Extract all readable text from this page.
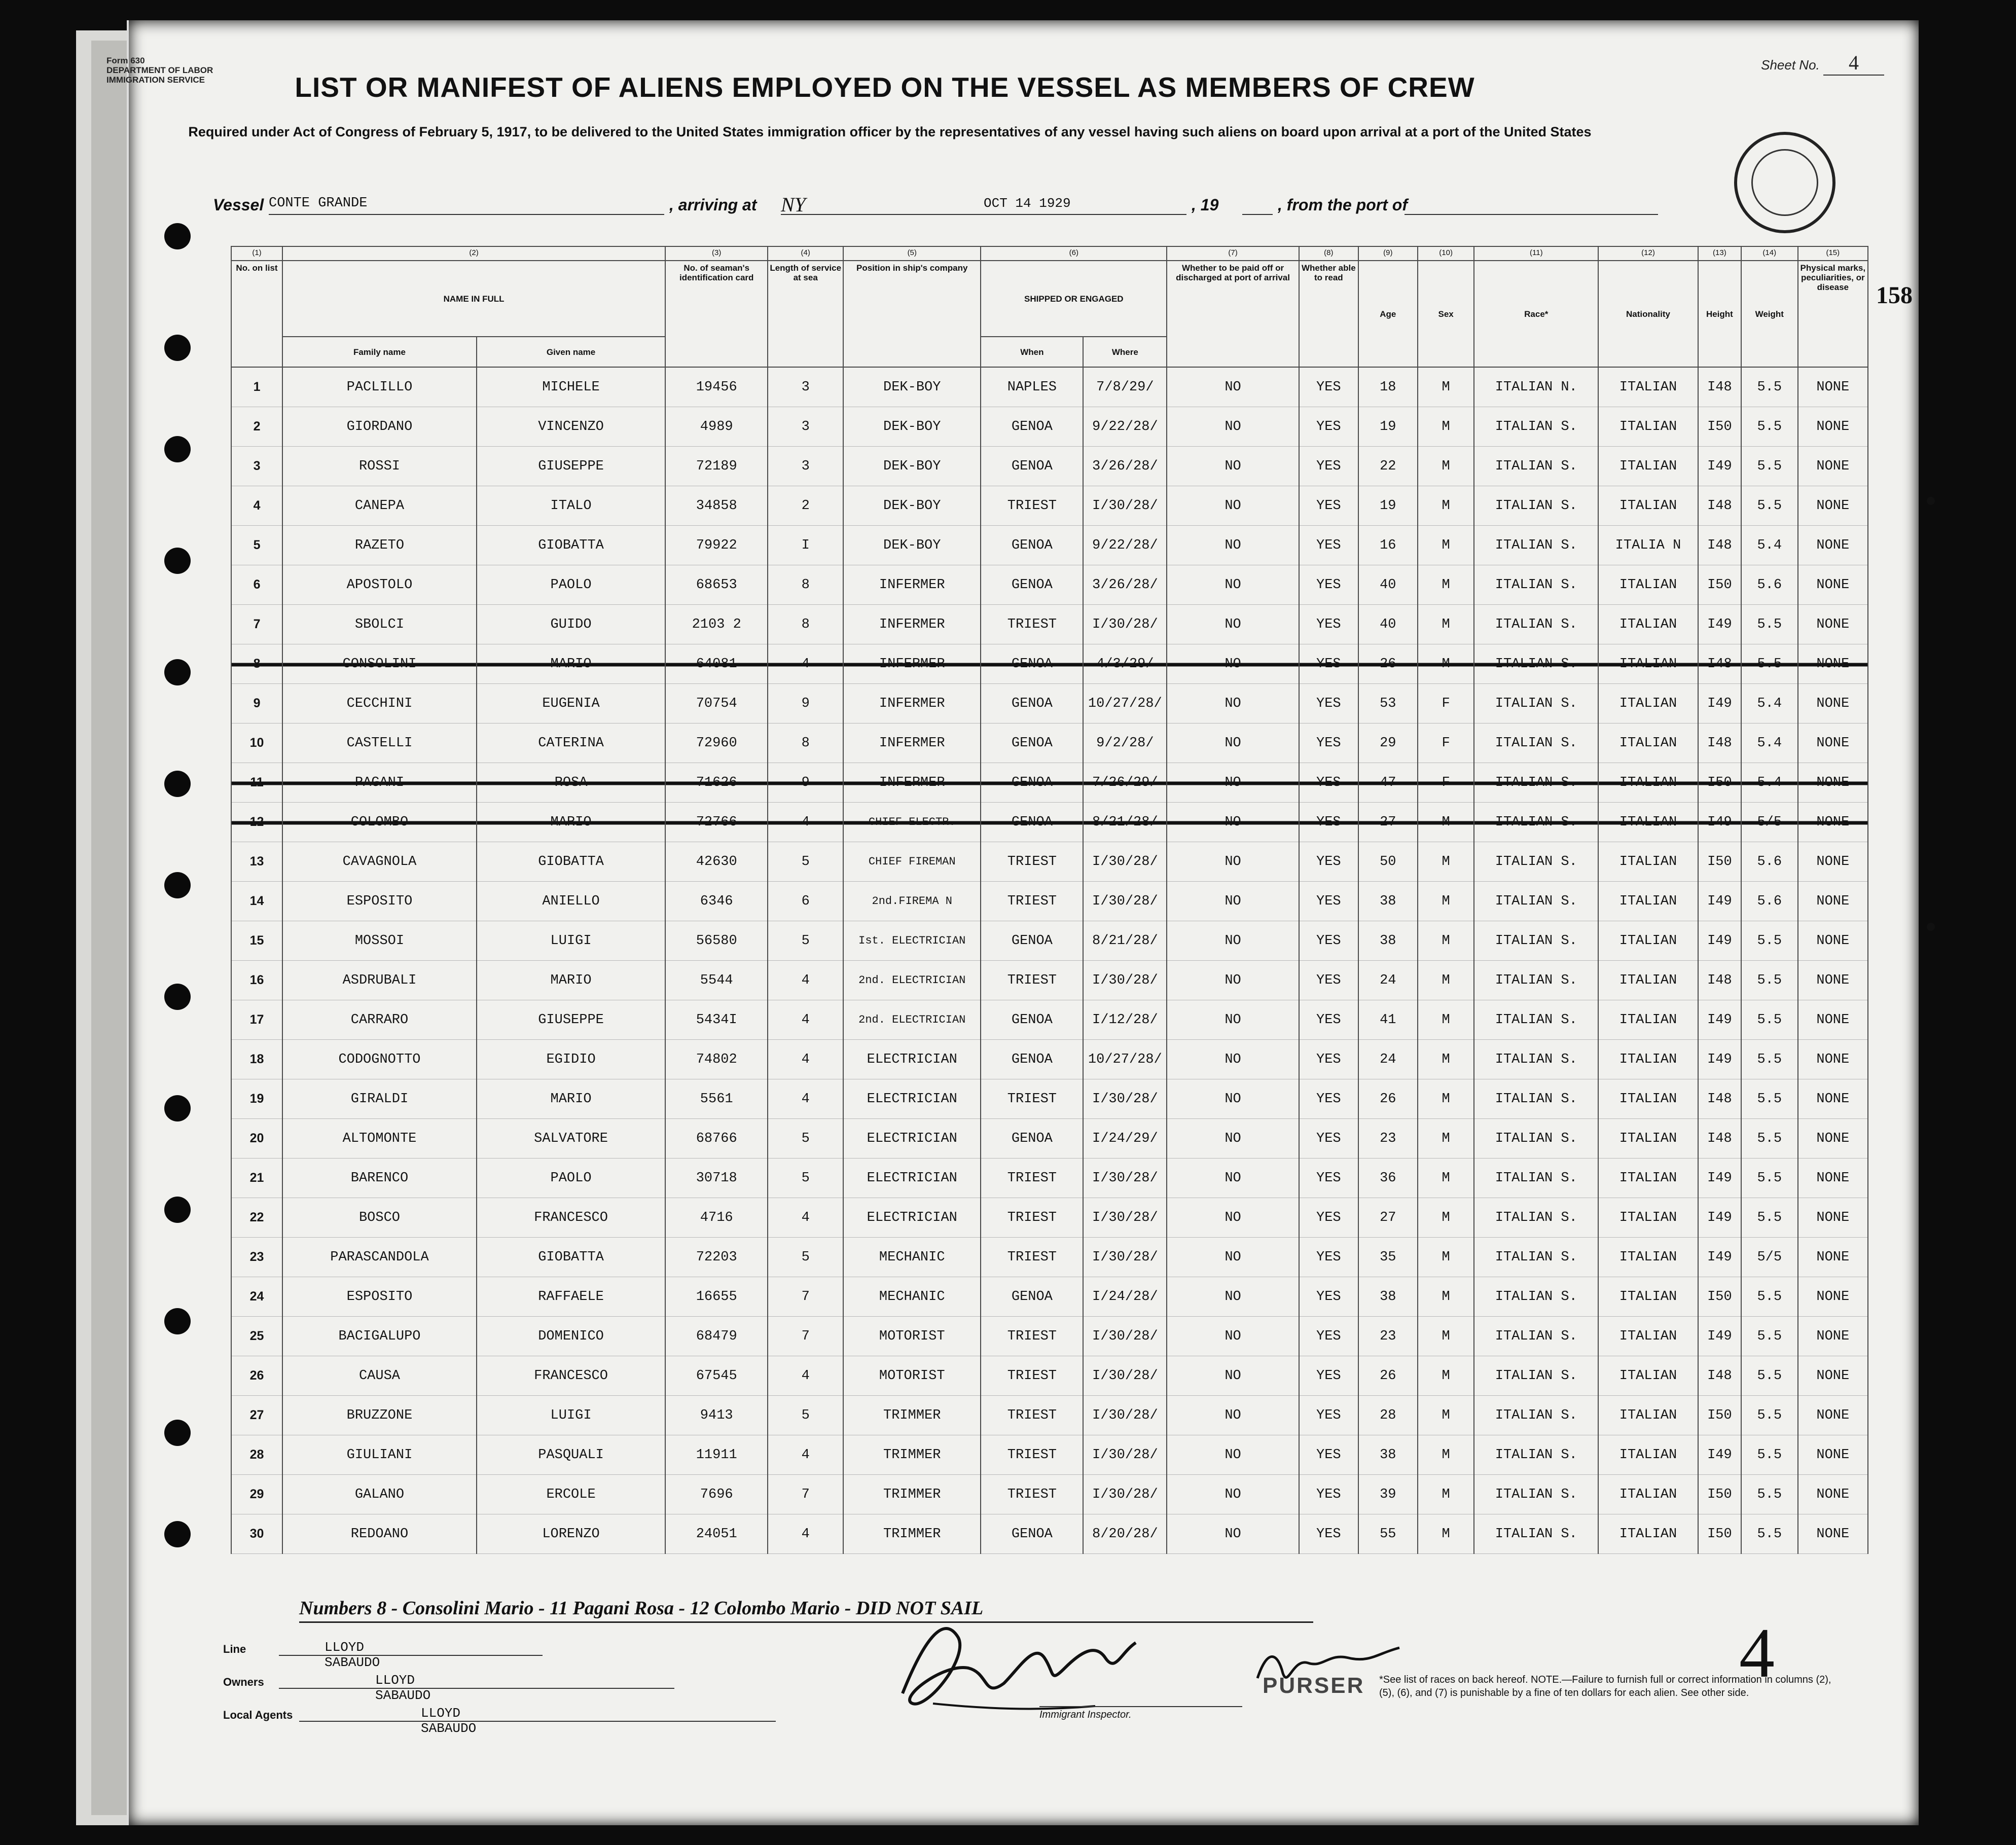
Form 630
DEPARTMENT OF LABOR
IMMIGRATION SERVICE
Sheet No. 4
LIST OR MANIFEST OF ALIENS EMPLOYED ON THE VESSEL AS MEMBERS OF CREW
Required under Act of Congress of February 5, 1917, to be delivered to the United States immigration officer by the representatives of any vessel having such aliens on board upon arrival at a port of the United States
Vessel CONTE GRANDE	, arriving at NY	OCT 14 1929	, 19	, from the port of
158
(1)	(2)		(3)	(4)	(5)	(6)		(7)	(8)	(9)	(10)	(11)	(12)	(13)	(14)	(15)
No. on list	NAME IN FULL		No. of seaman's identification card	Length of service at sea	Position in ship's company	SHIPPED OR ENGAGED		Whether to be paid off or discharged at port of arrival	Whether able to read	Age	Sex	Race*	Nationality	Height	Weight	Physical marks, peculiarities, or disease
	Family name	Given name				When	Where									
1	PACLILLO	MICHELE	19456	3	DEK-BOY	NAPLES	7/8/29/	NO	YES	18	M	ITALIAN N.	ITALIAN	I48	5.5	NONE
2	GIORDANO	VINCENZO	4989	3	DEK-BOY	GENOA	9/22/28/	NO	YES	19	M	ITALIAN S.	ITALIAN	I50	5.5	NONE
3	ROSSI	GIUSEPPE	72189	3	DEK-BOY	GENOA	3/26/28/	NO	YES	22	M	ITALIAN S.	ITALIAN	I49	5.5	NONE
4	CANEPA	ITALO	34858	2	DEK-BOY	TRIEST	I/30/28/	NO	YES	19	M	ITALIAN S.	ITALIAN	I48	5.5	NONE
5	RAZETO	GIOBATTA	79922	I	DEK-BOY	GENOA	9/22/28/	NO	YES	16	M	ITALIAN S.	ITALIA N	I48	5.4	NONE
6	APOSTOLO	PAOLO	68653	8	INFERMER	GENOA	3/26/28/	NO	YES	40	M	ITALIAN S.	ITALIAN	I50	5.6	NONE
7	SBOLCI	GUIDO	2103 2	8	INFERMER	TRIEST	I/30/28/	NO	YES	40	M	ITALIAN S.	ITALIAN	I49	5.5	NONE
8	CONSOLINI	MARIO	64081	4	INFERMER	GENOA	4/3/29/	NO	YES	26	M	ITALIAN S.	ITALIAN	I48	5.5	NONE
9	CECCHINI	EUGENIA	70754	9	INFERMER	GENOA	10/27/28/	NO	YES	53	F	ITALIAN S.	ITALIAN	I49	5.4	NONE
10	CASTELLI	CATERINA	72960	8	INFERMER	GENOA	9/2/28/	NO	YES	29	F	ITALIAN S.	ITALIAN	I48	5.4	NONE
11	PAGANI	ROSA	71626	9	INFERMER	GENOA	7/26/29/	NO	YES	47	F	ITALIAN S.	ITALIAN	I50	5.4	NONE
12	COLOMBO	MARIO	72766	4	CHIEF ELECTR.	GENOA	8/21/28/	NO	YES	27	M	ITALIAN S.	ITALIAN	I49	5/5	NONE
13	CAVAGNOLA	GIOBATTA	42630	5	CHIEF FIREMAN	TRIEST	I/30/28/	NO	YES	50	M	ITALIAN S.	ITALIAN	I50	5.6	NONE
14	ESPOSITO	ANIELLO	6346	6	2nd.FIREMA N	TRIEST	I/30/28/	NO	YES	38	M	ITALIAN S.	ITALIAN	I49	5.6	NONE
15	MOSSOI	LUIGI	56580	5	Ist. ELECTRICIAN	GENOA	8/21/28/	NO	YES	38	M	ITALIAN S.	ITALIAN	I49	5.5	NONE
16	ASDRUBALI	MARIO	5544	4	2nd. ELECTRICIAN	TRIEST	I/30/28/	NO	YES	24	M	ITALIAN S.	ITALIAN	I48	5.5	NONE
17	CARRARO	GIUSEPPE	5434I	4	2nd. ELECTRICIAN	GENOA	I/12/28/	NO	YES	41	M	ITALIAN S.	ITALIAN	I49	5.5	NONE
18	CODOGNOTTO	EGIDIO	74802	4	ELECTRICIAN	GENOA	10/27/28/	NO	YES	24	M	ITALIAN S.	ITALIAN	I49	5.5	NONE
19	GIRALDI	MARIO	5561	4	ELECTRICIAN	TRIEST	I/30/28/	NO	YES	26	M	ITALIAN S.	ITALIAN	I48	5.5	NONE
20	ALTOMONTE	SALVATORE	68766	5	ELECTRICIAN	GENOA	I/24/29/	NO	YES	23	M	ITALIAN S.	ITALIAN	I48	5.5	NONE
21	BARENCO	PAOLO	30718	5	ELECTRICIAN	TRIEST	I/30/28/	NO	YES	36	M	ITALIAN S.	ITALIAN	I49	5.5	NONE
22	BOSCO	FRANCESCO	4716	4	ELECTRICIAN	TRIEST	I/30/28/	NO	YES	27	M	ITALIAN S.	ITALIAN	I49	5.5	NONE
23	PARASCANDOLA	GIOBATTA	72203	5	MECHANIC	TRIEST	I/30/28/	NO	YES	35	M	ITALIAN S.	ITALIAN	I49	5/5	NONE
24	ESPOSITO	RAFFAELE	16655	7	MECHANIC	GENOA	I/24/28/	NO	YES	38	M	ITALIAN S.	ITALIAN	I50	5.5	NONE
25	BACIGALUPO	DOMENICO	68479	7	MOTORIST	TRIEST	I/30/28/	NO	YES	23	M	ITALIAN S.	ITALIAN	I49	5.5	NONE
26	CAUSA	FRANCESCO	67545	4	MOTORIST	TRIEST	I/30/28/	NO	YES	26	M	ITALIAN S.	ITALIAN	I48	5.5	NONE
27	BRUZZONE	LUIGI	9413	5	TRIMMER	TRIEST	I/30/28/	NO	YES	28	M	ITALIAN S.	ITALIAN	I50	5.5	NONE
28	GIULIANI	PASQUALI	11911	4	TRIMMER	TRIEST	I/30/28/	NO	YES	38	M	ITALIAN S.	ITALIAN	I49	5.5	NONE
29	GALANO	ERCOLE	7696	7	TRIMMER	TRIEST	I/30/28/	NO	YES	39	M	ITALIAN S.	ITALIAN	I50	5.5	NONE
30	REDOANO	LORENZO	24051	4	TRIMMER	GENOA	8/20/28/	NO	YES	55	M	ITALIAN S.	ITALIAN	I50	5.5	NONE
Numbers 8 - Consolini Mario - 11 Pagani Rosa - 12 Colombo Mario - DID NOT SAIL
Line	LLOYD SABAUDO
Owners	LLOYD SABAUDO
Local Agents	LLOYD SABAUDO
Immigrant Inspector.
PURSER *See list of races on back hereof. NOTE.—Failure to furnish full or correct information in columns (2), (5), (6), and (7) is punishable by a fine of ten dollars for each alien. See other side.
4
